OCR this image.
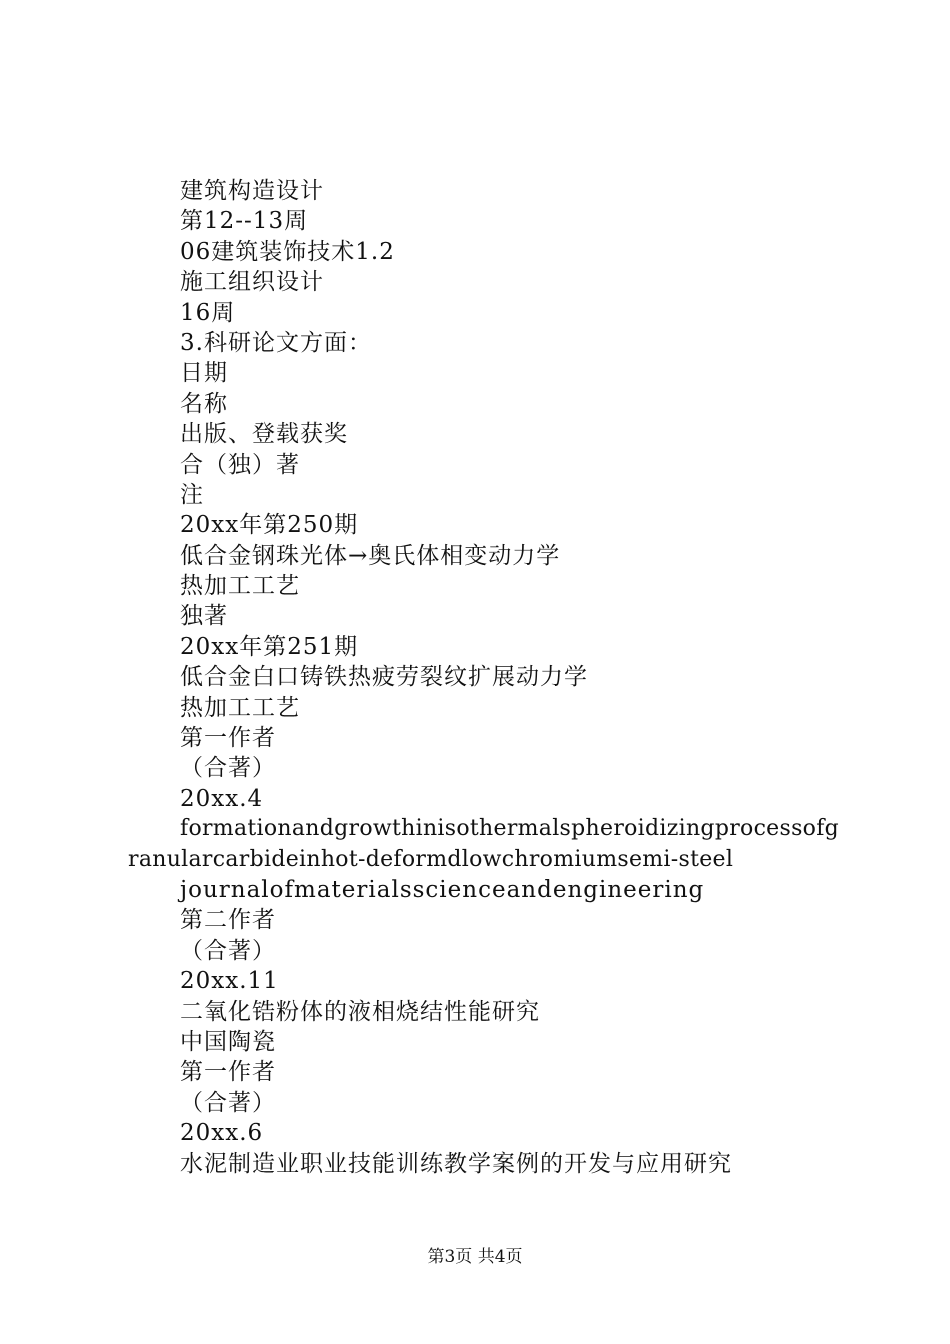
建筑构造设计
第12--13周
06建筑装饰技术1.2
施工组织设计
16周
3.科研论文方面：
日期
名称
出版、登载获奖
合（独）著
注
20xx年第250期
低合金钢珠光体→奥氏体相变动力学
热加工工艺
独著
20xx年第251期
低合金白口铸铁热疲劳裂纹扩展动力学
热加工工艺
第一作者
（合著）
20xx.4
formationandgrowthinisothermalspheroidizingprocessofgranularcarbideinhot-deformdlowchromiumsemi-steel
journalofmaterialsscienceandengineering
第二作者
（合著）
20xx.11
二氧化锆粉体的液相烧结性能研究
中国陶瓷
第一作者
（合著）
20xx.6
水泥制造业职业技能训练教学案例的开发与应用研究
第3页 共4页
